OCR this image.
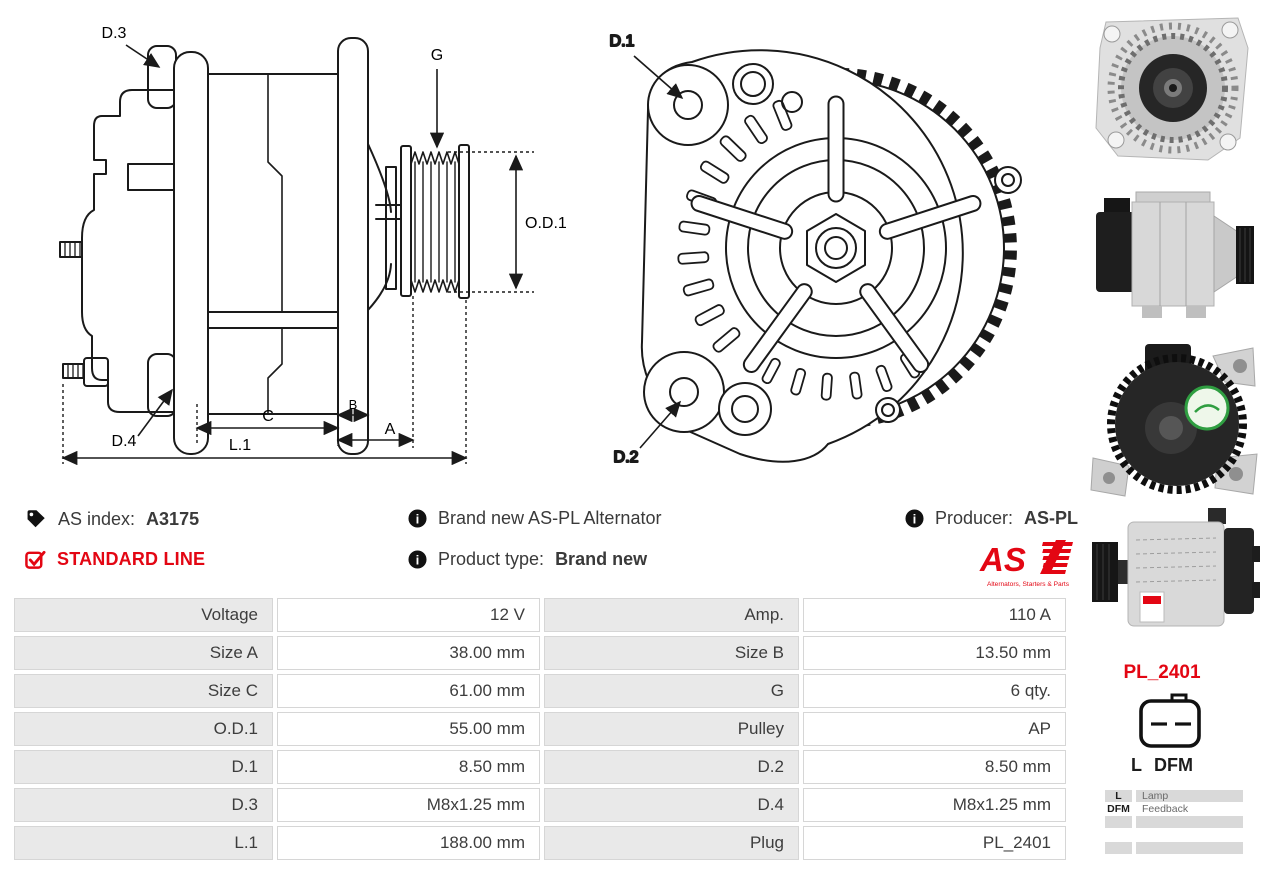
D.3
G
O.D.1
D.4
C
B
A
L.1
D.1
D.2
AS index: A3175
STANDARD LINE
i Brand new AS-PL Alternator
i Product type: Brand new
i Producer: AS-PL
AS
Alternators, Starters & Parts
Voltage	12 V	Amp.	110 A
Size A	38.00 mm	Size B	13.50 mm
Size C	61.00 mm	G	6 qty.
O.D.1	55.00 mm	Pulley	AP
D.1	8.50 mm	D.2	8.50 mm
D.3	M8x1.25 mm	D.4	M8x1.25 mm
L.1	188.00 mm	Plug	PL_2401
PL_2401
L DFM
L	Lamp
DFM	Feedback
